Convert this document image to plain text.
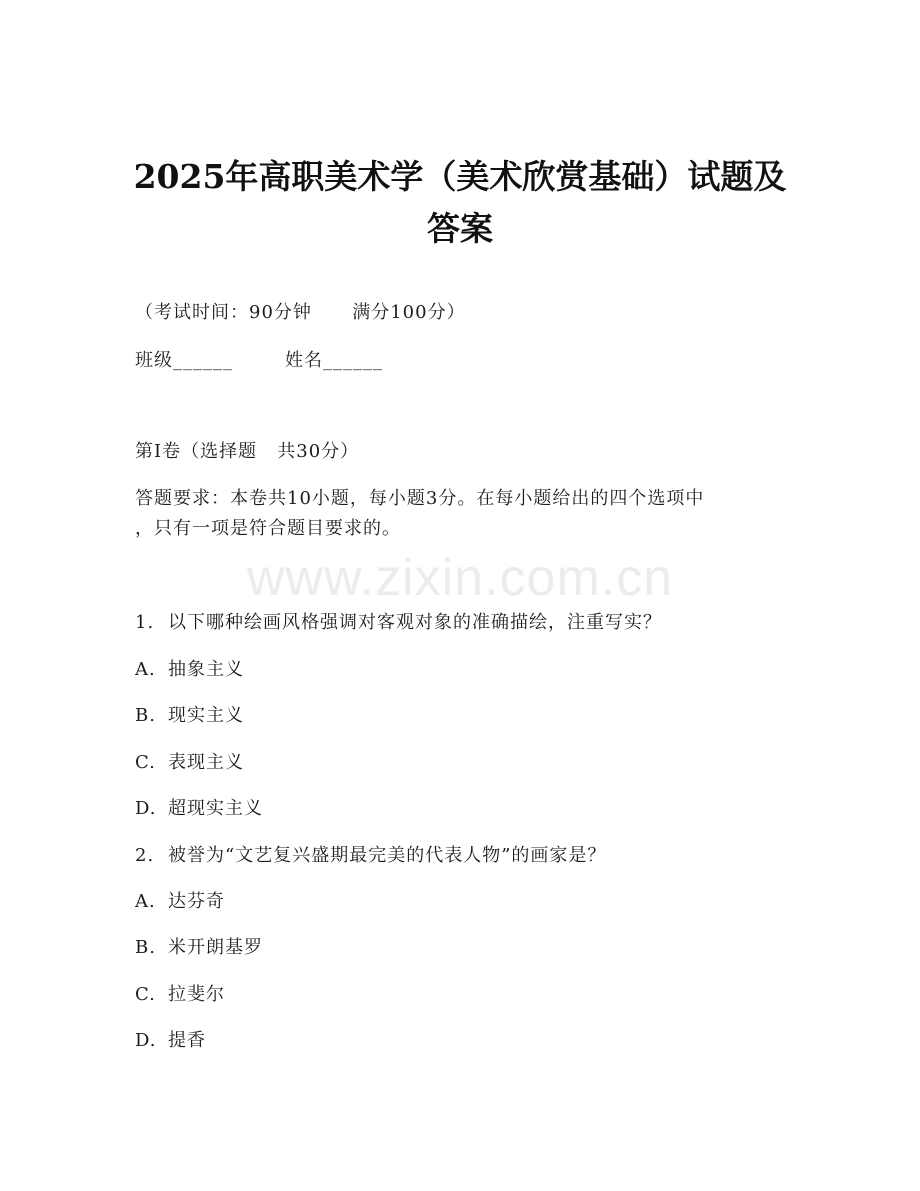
2025年高职美术学（美术欣赏基础）试题及
答案
（考试时间：90分钟      满分100分）
班级______	姓名______
第I卷（选择题   共30分）
答题要求：本卷共10小题，每小题3分。在每小题给出的四个选项中
，只有一项是符合题目要求的。
www.zixin.com.cn
1. 以下哪种绘画风格强调对客观对象的准确描绘，注重写实？
A. 抽象主义
B. 现实主义
C. 表现主义
D. 超现实主义
2. 被誉为“文艺复兴盛期最完美的代表人物”的画家是？
A. 达芬奇
B. 米开朗基罗
C. 拉斐尔
D. 提香
